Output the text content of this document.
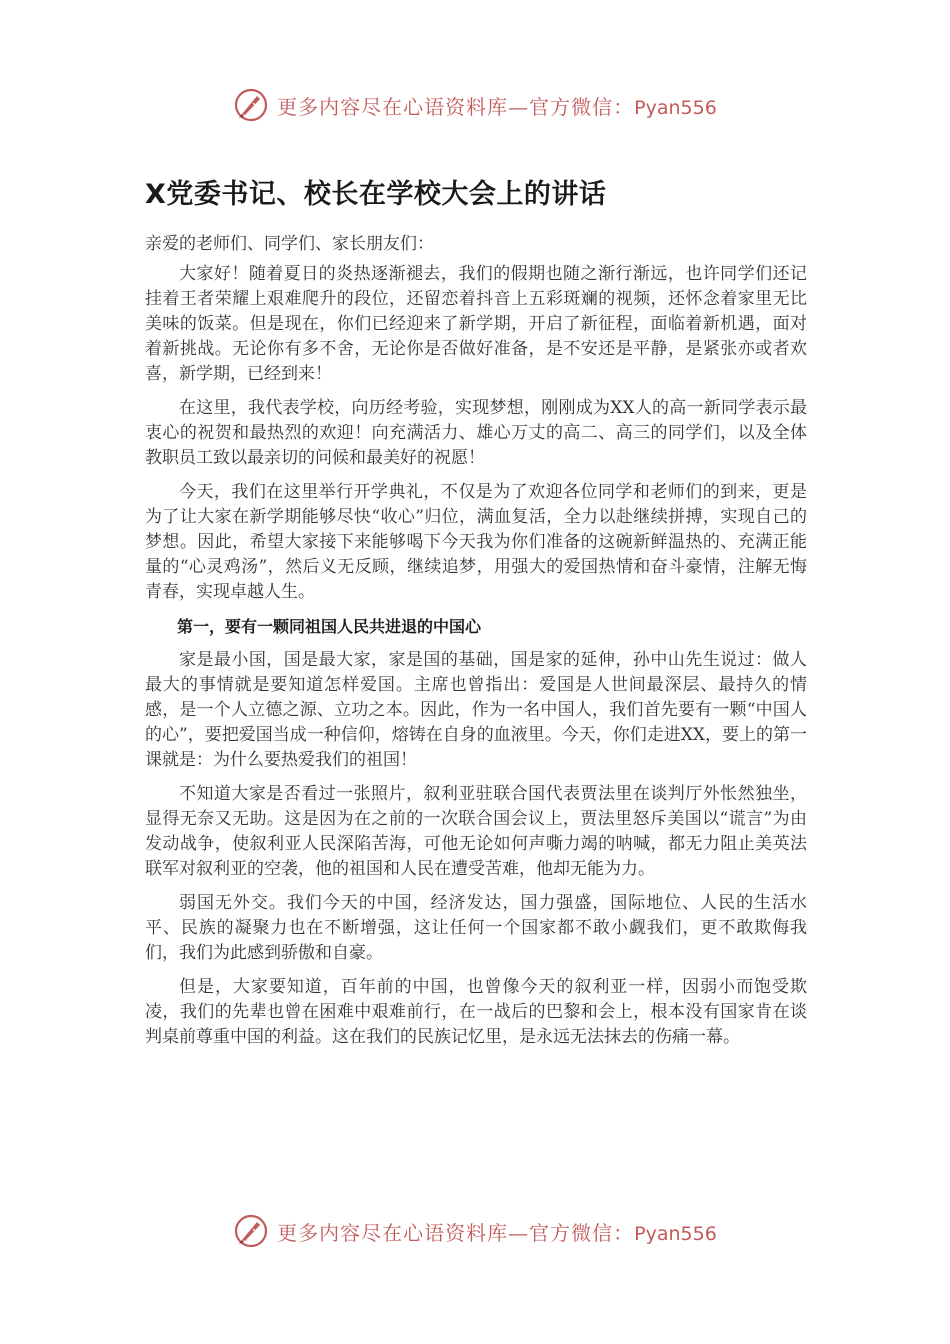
更多内容尽在心语资料库—官方微信：Pyan556
X党委书记、校长在学校大会上的讲话

亲爱的老师们、同学们、家长朋友们：

大家好！随着夏日的炎热逐渐褪去，我们的假期也随之渐行渐远，也许同学们还记挂着王者荣耀上艰难爬升的段位，还留恋着抖音上五彩斑斓的视频，还怀念着家里无比美味的饭菜。但是现在，你们已经迎来了新学期，开启了新征程，面临着新机遇，面对着新挑战。无论你有多不舍，无论你是否做好准备，是不安还是平静，是紧张亦或者欢喜，新学期，已经到来！

在这里，我代表学校，向历经考验，实现梦想，刚刚成为XX人的高一新同学表示最衷心的祝贺和最热烈的欢迎！向充满活力、雄心万丈的高二、高三的同学们，以及全体教职员工致以最亲切的问候和最美好的祝愿！

今天，我们在这里举行开学典礼，不仅是为了欢迎各位同学和老师们的到来，更是为了让大家在新学期能够尽快“收心”归位，满血复活，全力以赴继续拼搏，实现自己的梦想。因此，希望大家接下来能够喝下今天我为你们准备的这碗新鲜温热的、充满正能量的“心灵鸡汤”，然后义无反顾，继续追梦，用强大的爱国热情和奋斗豪情，注解无悔青春，实现卓越人生。

第一，要有一颗同祖国人民共进退的中国心

家是最小国，国是最大家，家是国的基础，国是家的延伸，孙中山先生说过：做人最大的事情就是要知道怎样爱国。主席也曾指出：爱国是人世间最深层、最持久的情感，是一个人立德之源、立功之本。因此，作为一名中国人，我们首先要有一颗“中国人的心”，要把爱国当成一种信仰，熔铸在自身的血液里。今天，你们走进XX，要上的第一课就是：为什么要热爱我们的祖国！

不知道大家是否看过一张照片，叙利亚驻联合国代表贾法里在谈判厅外怅然独坐，显得无奈又无助。这是因为在之前的一次联合国会议上，贾法里怒斥美国以“谎言”为由发动战争，使叙利亚人民深陷苦海，可他无论如何声嘶力竭的呐喊，都无力阻止美英法联军对叙利亚的空袭，他的祖国和人民在遭受苦难，他却无能为力。

弱国无外交。我们今天的中国，经济发达，国力强盛，国际地位、人民的生活水平、民族的凝聚力也在不断增强，这让任何一个国家都不敢小觑我们，更不敢欺侮我们，我们为此感到骄傲和自豪。

但是，大家要知道，百年前的中国，也曾像今天的叙利亚一样，因弱小而饱受欺凌，我们的先辈也曾在困难中艰难前行，在一战后的巴黎和会上，根本没有国家肯在谈判桌前尊重中国的利益。这在我们的民族记忆里，是永远无法抹去的伤痛一幕。

更多内容尽在心语资料库—官方微信：Pyan556
